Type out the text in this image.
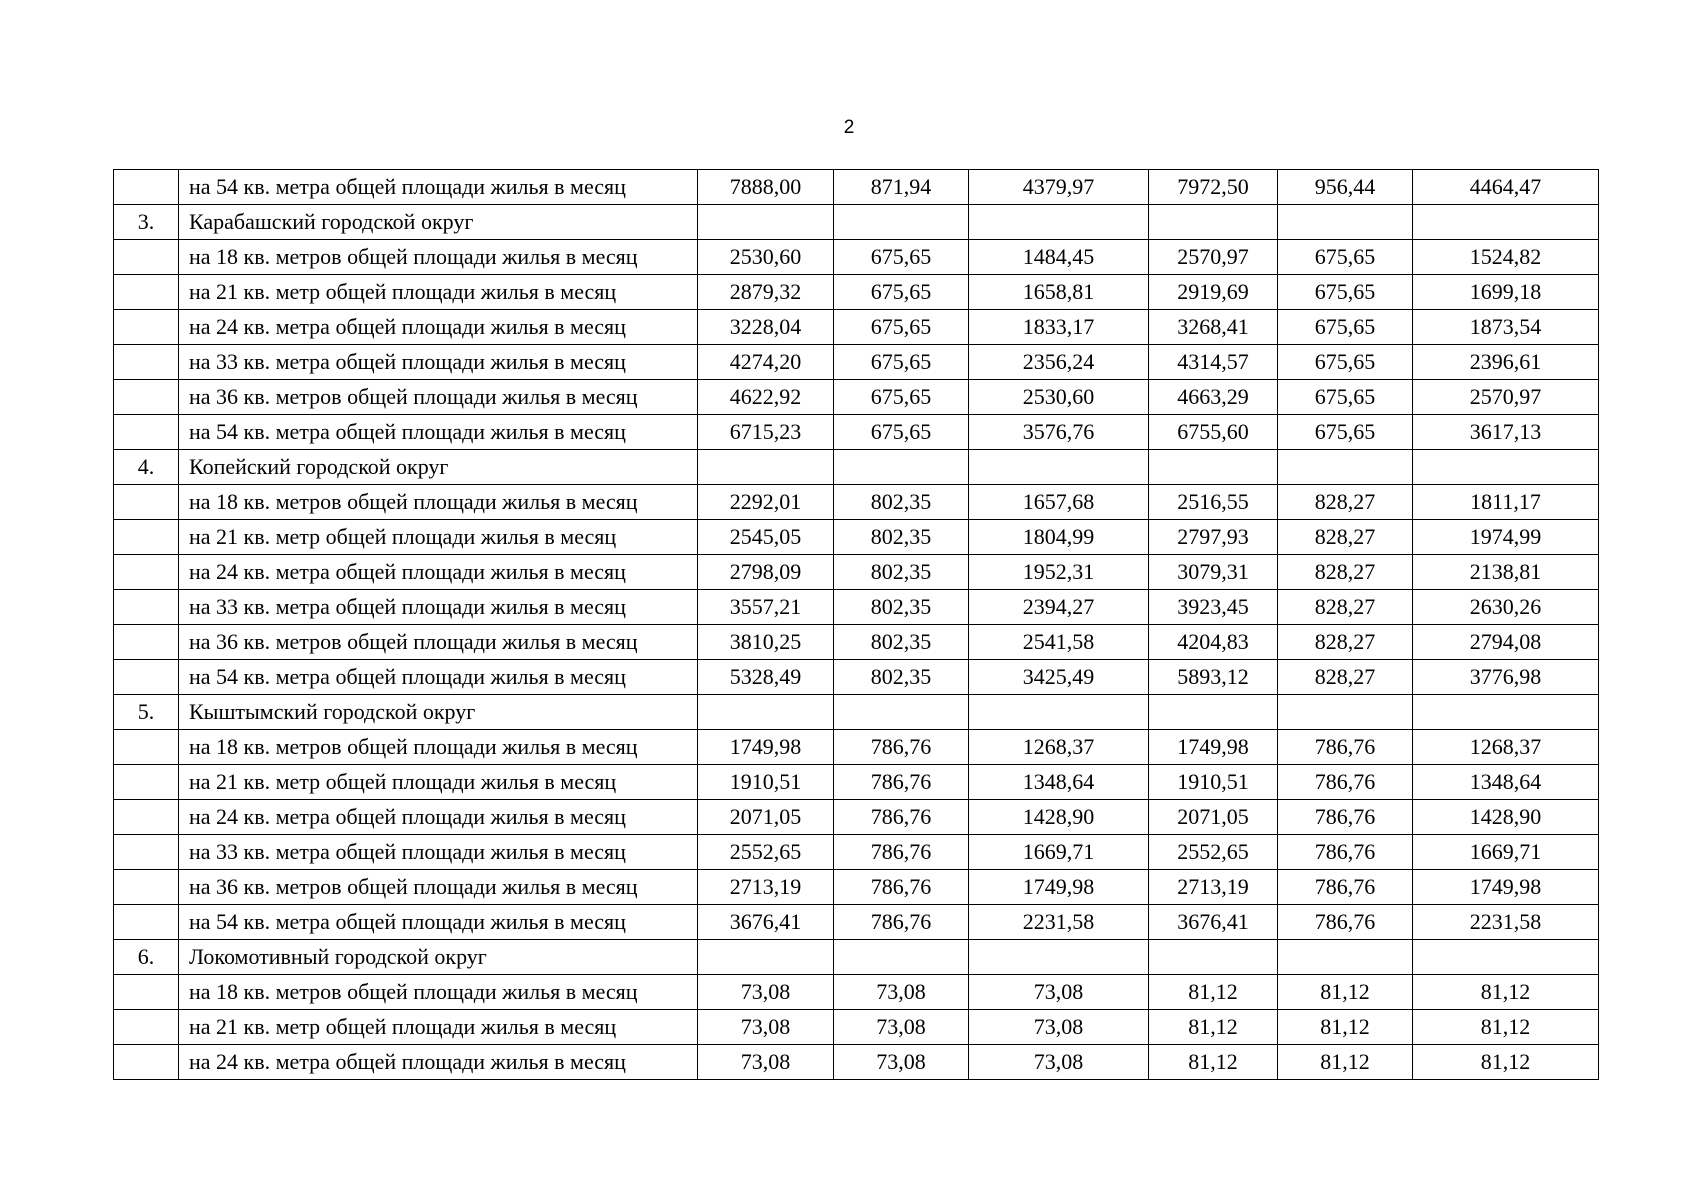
2
	на 54 кв. метра общей площади жилья в месяц	7888,00	871,94	4379,97	7972,50	956,44	4464,47
3.	Карабашский городской округ						
	на 18 кв. метров общей площади жилья в месяц	2530,60	675,65	1484,45	2570,97	675,65	1524,82
	на 21 кв. метр общей площади жилья в месяц	2879,32	675,65	1658,81	2919,69	675,65	1699,18
	на 24 кв. метра общей площади жилья в месяц	3228,04	675,65	1833,17	3268,41	675,65	1873,54
	на 33 кв. метра общей площади жилья в месяц	4274,20	675,65	2356,24	4314,57	675,65	2396,61
	на 36 кв. метров общей площади жилья в месяц	4622,92	675,65	2530,60	4663,29	675,65	2570,97
	на 54 кв. метра общей площади жилья в месяц	6715,23	675,65	3576,76	6755,60	675,65	3617,13
4.	Копейский городской округ						
	на 18 кв. метров общей площади жилья в месяц	2292,01	802,35	1657,68	2516,55	828,27	1811,17
	на 21 кв. метр общей площади жилья в месяц	2545,05	802,35	1804,99	2797,93	828,27	1974,99
	на 24 кв. метра общей площади жилья в месяц	2798,09	802,35	1952,31	3079,31	828,27	2138,81
	на 33 кв. метра общей площади жилья в месяц	3557,21	802,35	2394,27	3923,45	828,27	2630,26
	на 36 кв. метров общей площади жилья в месяц	3810,25	802,35	2541,58	4204,83	828,27	2794,08
	на 54 кв. метра общей площади жилья в месяц	5328,49	802,35	3425,49	5893,12	828,27	3776,98
5.	Кыштымский городской округ						
	на 18 кв. метров общей площади жилья в месяц	1749,98	786,76	1268,37	1749,98	786,76	1268,37
	на 21 кв. метр общей площади жилья в месяц	1910,51	786,76	1348,64	1910,51	786,76	1348,64
	на 24 кв. метра общей площади жилья в месяц	2071,05	786,76	1428,90	2071,05	786,76	1428,90
	на 33 кв. метра общей площади жилья в месяц	2552,65	786,76	1669,71	2552,65	786,76	1669,71
	на 36 кв. метров общей площади жилья в месяц	2713,19	786,76	1749,98	2713,19	786,76	1749,98
	на 54 кв. метра общей площади жилья в месяц	3676,41	786,76	2231,58	3676,41	786,76	2231,58
6.	Локомотивный городской округ						
	на 18 кв. метров общей площади жилья в месяц	73,08	73,08	73,08	81,12	81,12	81,12
	на 21 кв. метр общей площади жилья в месяц	73,08	73,08	73,08	81,12	81,12	81,12
	на 24 кв. метра общей площади жилья в месяц	73,08	73,08	73,08	81,12	81,12	81,12
